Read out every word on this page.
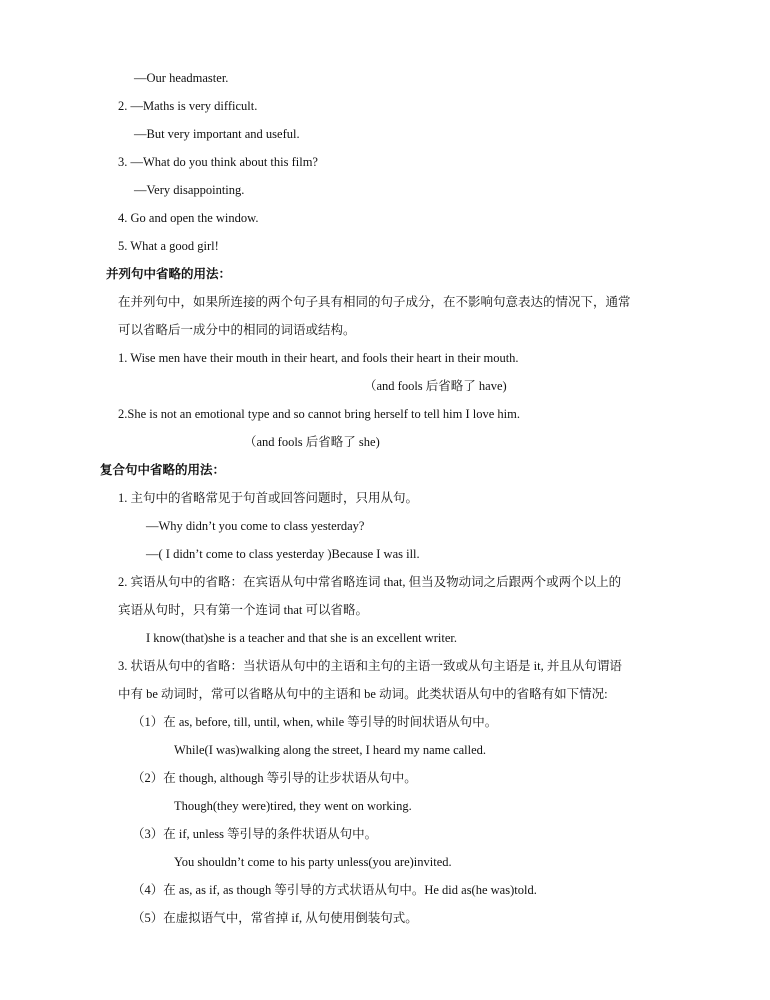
—Our headmaster.
2. —Maths is very difficult.
—But very important and useful.
3. —What do you think about this film?
—Very disappointing.
4. Go and open the window.
5. What a good girl!
并列句中省略的用法：
在并列句中，如果所连接的两个句子具有相同的句子成分，在不影响句意表达的情况下，通常
可以省略后一成分中的相同的词语或结构。
1. Wise men have their mouth in their heart, and fools their heart in their mouth.
（and fools 后省略了 have)
2.She is not an emotional type and so cannot bring herself to tell him I love him.
（and fools 后省略了 she)
复合句中省略的用法：
1. 主句中的省略常见于句首或回答问题时，只用从句。
—Why didn’t you come to class yesterday?
—( I didn’t come to class yesterday )Because I was ill.
2. 宾语从句中的省略：在宾语从句中常省略连词 that, 但当及物动词之后跟两个或两个以上的
宾语从句时，只有第一个连词 that 可以省略。
I know(that)she is a teacher and that she is an excellent writer.
3. 状语从句中的省略：当状语从句中的主语和主句的主语一致或从句主语是 it, 并且从句谓语
中有 be 动词时，常可以省略从句中的主语和 be 动词。此类状语从句中的省略有如下情况:
（1）在 as, before, till, until, when, while 等引导的时间状语从句中。
While(I was)walking along the street, I heard my name called.
（2）在 though, although 等引导的让步状语从句中。
Though(they were)tired, they went on working.
（3）在 if, unless 等引导的条件状语从句中。
You shouldn’t come to his party unless(you are)invited.
（4）在 as, as if, as though 等引导的方式状语从句中。He did as(he was)told.
（5）在虚拟语气中，常省掉 if, 从句使用倒装句式。
